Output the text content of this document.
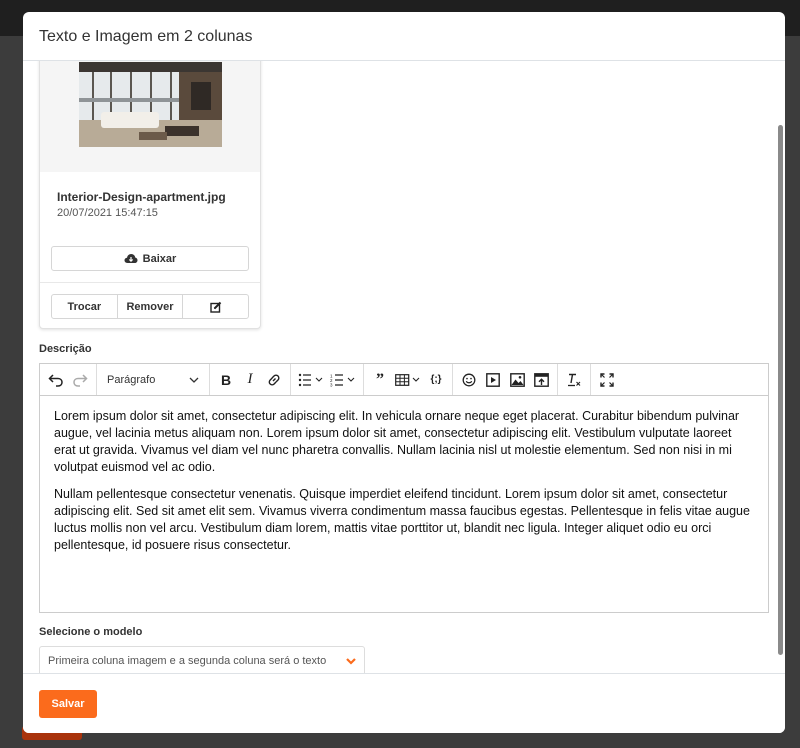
Texto e Imagem em 2 colunas
Interior-Design-apartment.jpg
20/07/2021 15:47:15
Baixar
Trocar	Remover
Descrição
Parágrafo	B I	1
2
3	”	{;}

Lorem ipsum dolor sit amet, consectetur adipiscing elit. In vehicula ornare neque eget placerat. Curabitur bibendum pulvinar augue, vel lacinia metus aliquam non. Lorem ipsum dolor sit amet, consectetur adipiscing elit. Vestibulum vulputate laoreet erat ut gravida. Vivamus vel diam vel nunc pharetra convallis. Nullam lacinia nisl ut molestie elementum. Sed non nisi in mi volutpat euismod vel ac odio.

Nullam pellentesque consectetur venenatis. Quisque imperdiet eleifend tincidunt. Lorem ipsum dolor sit amet, consectetur adipiscing elit. Sed sit amet elit sem. Vivamus viverra condimentum massa faucibus egestas. Pellentesque in felis vitae augue luctus mollis non vel arcu. Vestibulum diam lorem, mattis vitae porttitor ut, blandit nec ligula. Integer aliquet odio eu orci pellentesque, id posuere risus consectetur.

Selecione o modelo
Primeira coluna imagem e a segunda coluna será o texto
Salvar
